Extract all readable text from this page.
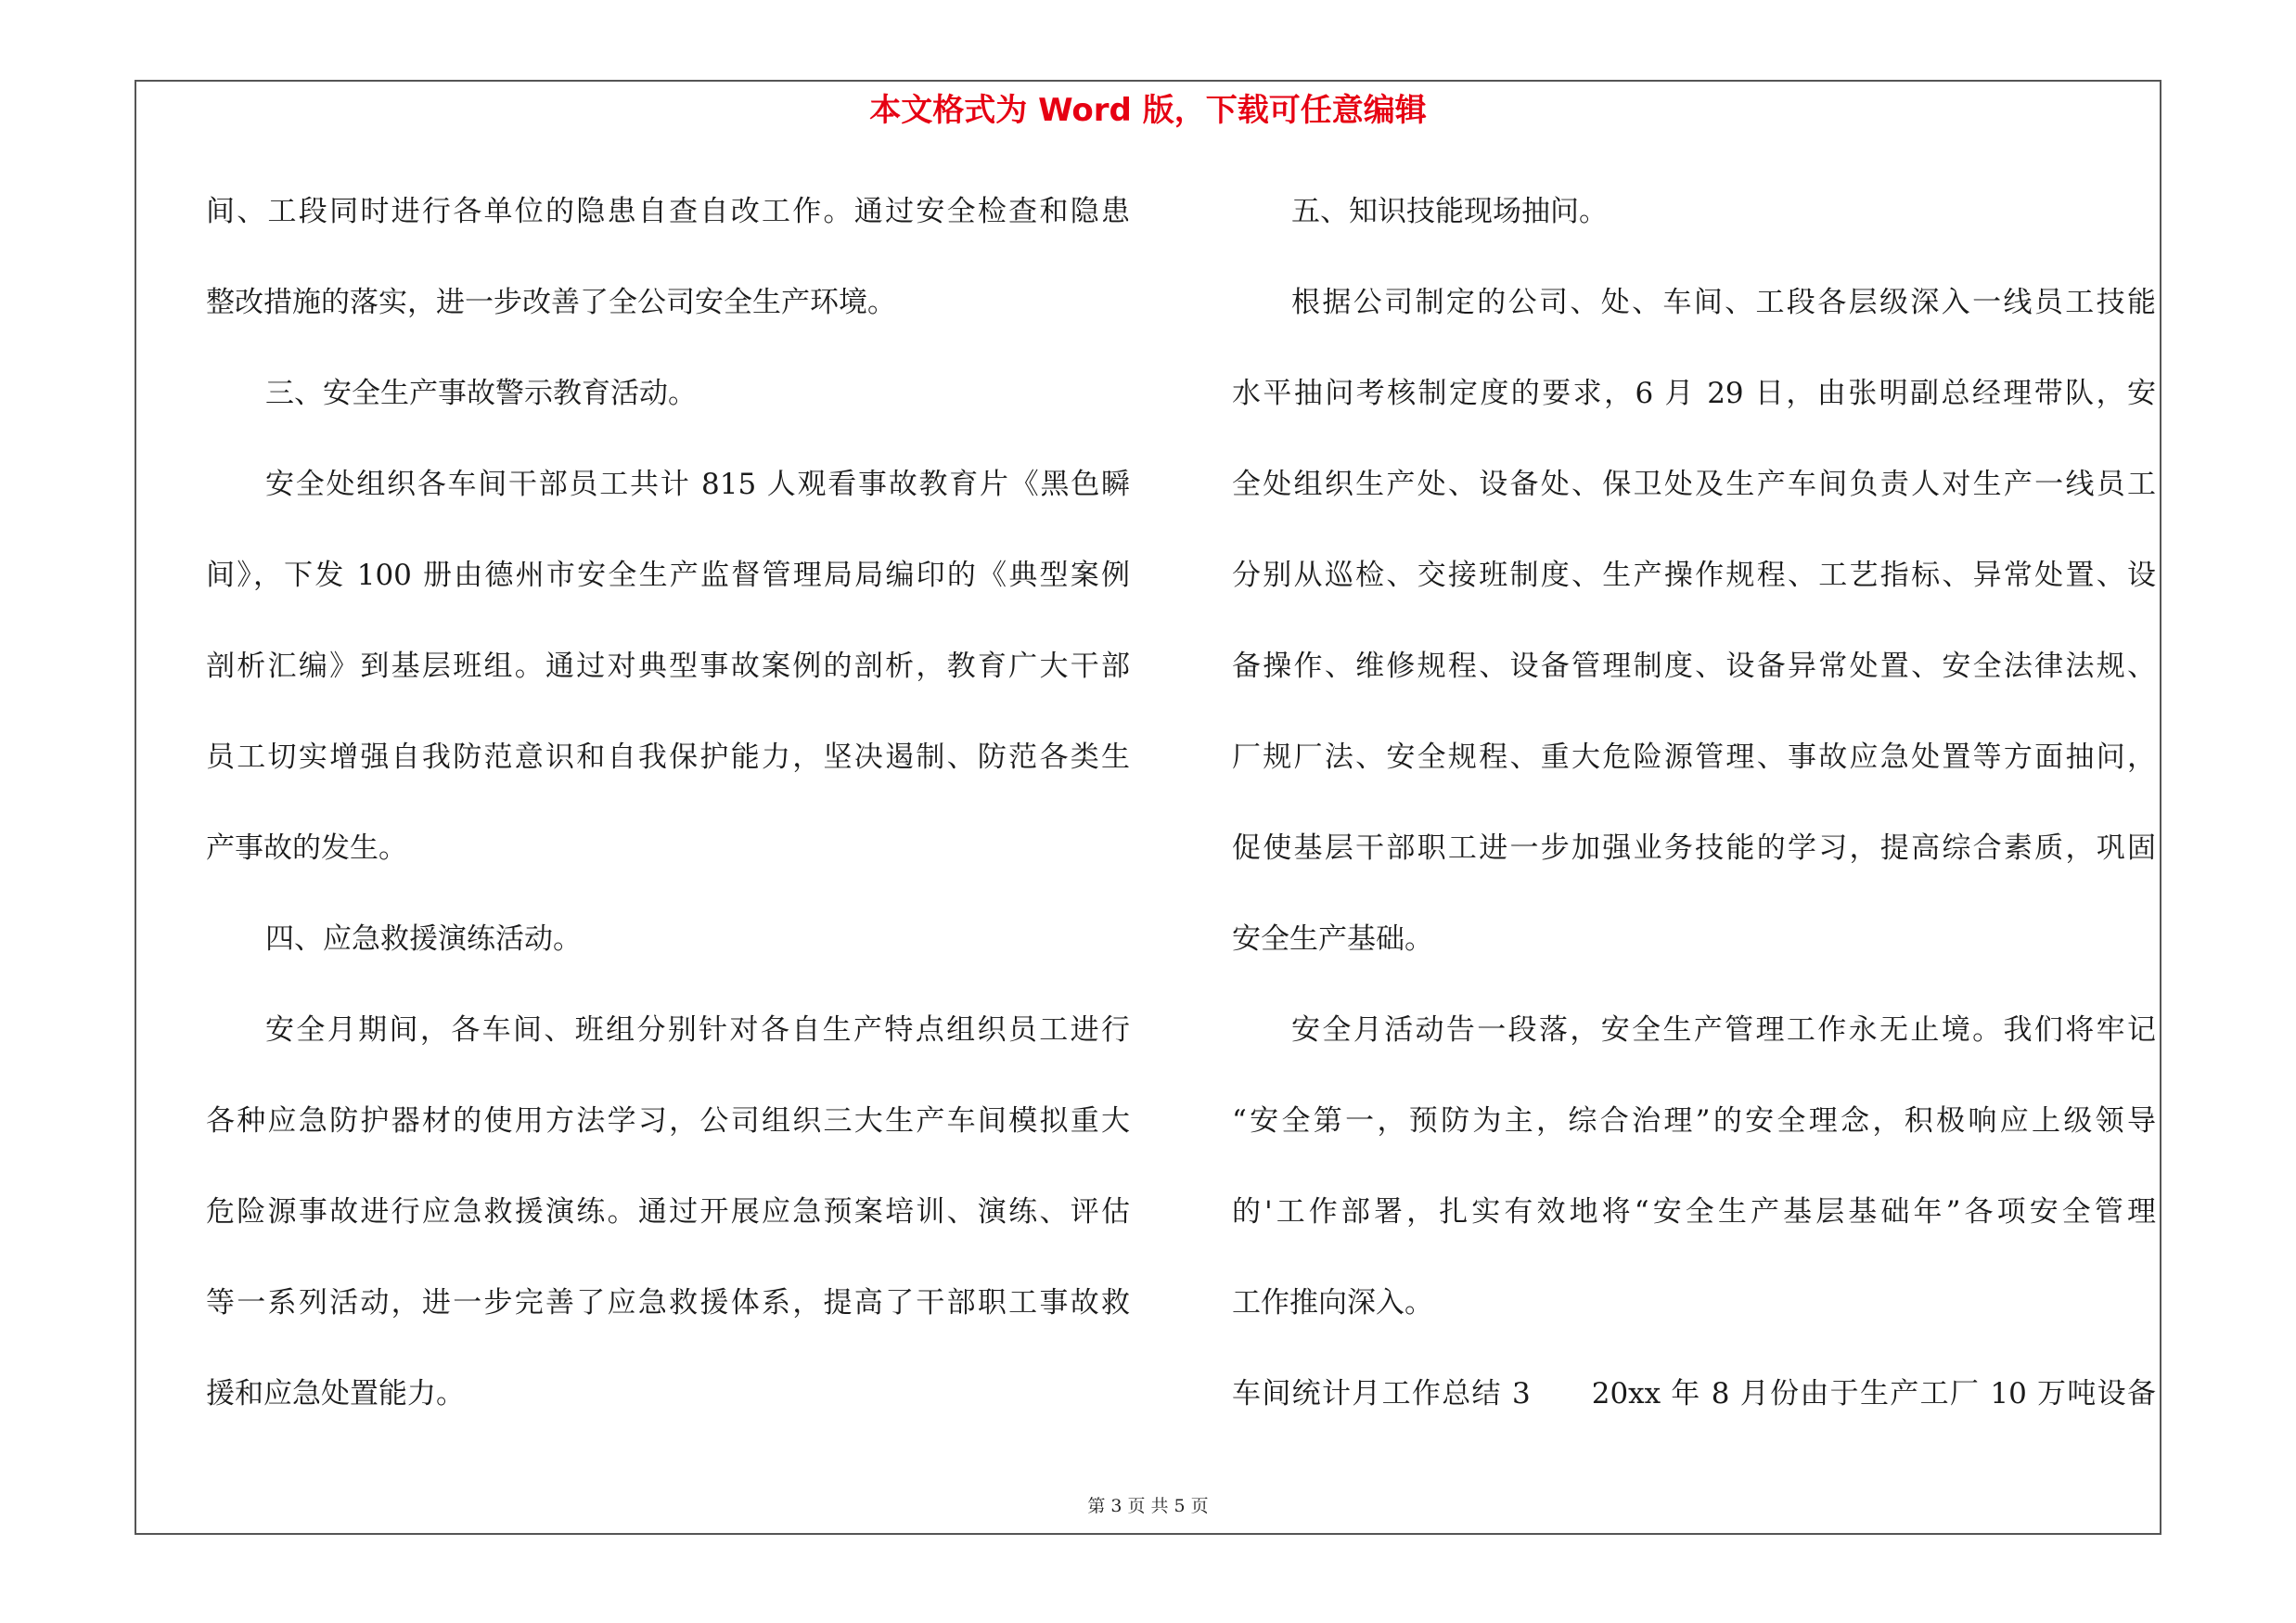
本文格式为 Word 版，下载可任意编辑
间、工段同时进行各单位的隐患自查自改工作。通过安全检查和隐患
整改措施的落实，进一步改善了全公司安全生产环境。
三、安全生产事故警示教育活动。
安全处组织各车间干部员工共计 815 人观看事故教育片《黑色瞬
间》，下发 100 册由德州市安全生产监督管理局局编印的《典型案例
剖析汇编》到基层班组。通过对典型事故案例的剖析，教育广大干部
员工切实增强自我防范意识和自我保护能力，坚决遏制、防范各类生
产事故的发生。
四、应急救援演练活动。
安全月期间，各车间、班组分别针对各自生产特点组织员工进行
各种应急防护器材的使用方法学习，公司组织三大生产车间模拟重大
危险源事故进行应急救援演练。通过开展应急预案培训、演练、评估
等一系列活动，进一步完善了应急救援体系，提高了干部职工事故救
援和应急处置能力。
五、知识技能现场抽问。
根据公司制定的公司、处、车间、工段各层级深入一线员工技能
水平抽问考核制定度的要求，6 月 29 日，由张明副总经理带队，安
全处组织生产处、设备处、保卫处及生产车间负责人对生产一线员工
分别从巡检、交接班制度、生产操作规程、工艺指标、异常处置、设
备操作、维修规程、设备管理制度、设备异常处置、安全法律法规、
厂规厂法、安全规程、重大危险源管理、事故应急处置等方面抽问，
促使基层干部职工进一步加强业务技能的学习，提高综合素质，巩固
安全生产基础。
安全月活动告一段落，安全生产管理工作永无止境。我们将牢记
“安全第一，预防为主，综合治理”的安全理念，积极响应上级领导
的'工作部署，扎实有效地将“安全生产基层基础年”各项安全管理
工作推向深入。
车间统计月工作总结 3　　20xx 年 8 月份由于生产工厂 10 万吨设备
第 3 页 共 5 页
